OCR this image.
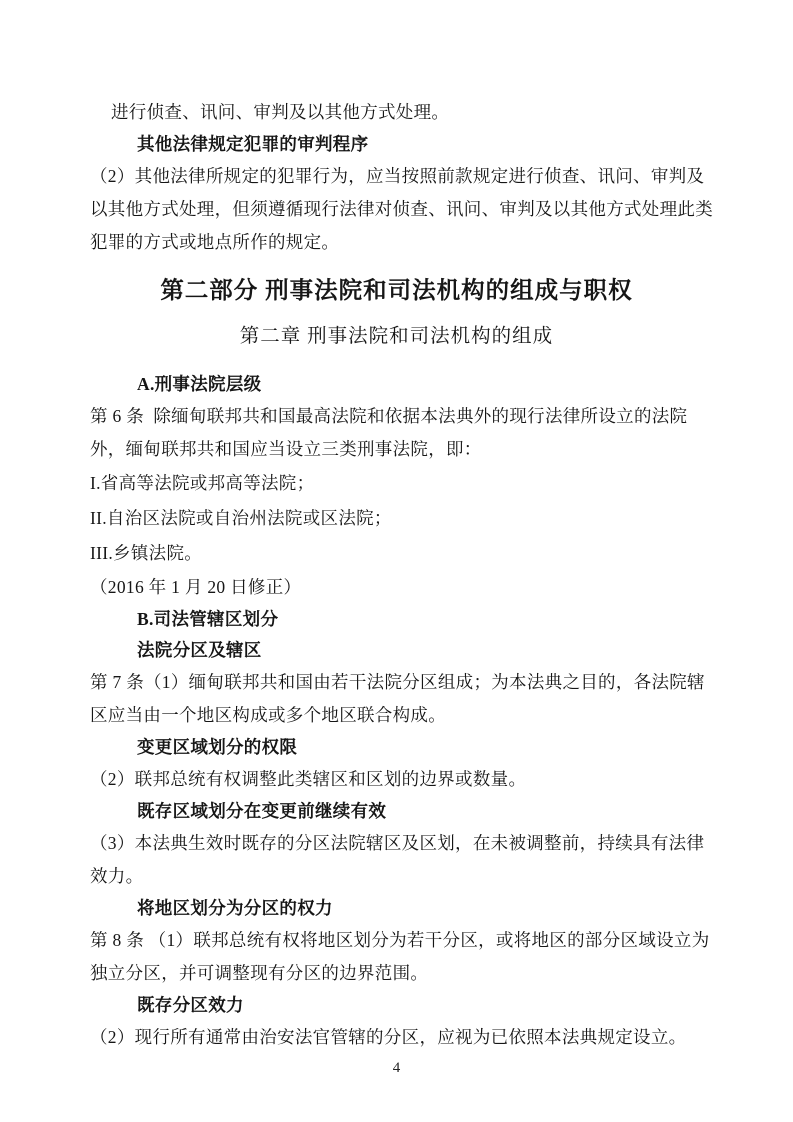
进行侦查、讯问、审判及以其他方式处理。
其他法律规定犯罪的审判程序
（2）其他法律所规定的犯罪行为，应当按照前款规定进行侦查、讯问、审判及
以其他方式处理，但须遵循现行法律对侦查、讯问、审判及以其他方式处理此类
犯罪的方式或地点所作的规定。
第二部分 刑事法院和司法机构的组成与职权
第二章 刑事法院和司法机构的组成
A.刑事法院层级
第 6 条  除缅甸联邦共和国最高法院和依据本法典外的现行法律所设立的法院
外，缅甸联邦共和国应当设立三类刑事法院，即：
I.省高等法院或邦高等法院；
II.自治区法院或自治州法院或区法院；
III.乡镇法院。
（2016 年 1 月 20 日修正）
B.司法管辖区划分
法院分区及辖区
第 7 条（1）缅甸联邦共和国由若干法院分区组成；为本法典之目的，各法院辖
区应当由一个地区构成或多个地区联合构成。
变更区域划分的权限
（2）联邦总统有权调整此类辖区和区划的边界或数量。
既存区域划分在变更前继续有效
（3）本法典生效时既存的分区法院辖区及区划，在未被调整前，持续具有法律
效力。
将地区划分为分区的权力
第 8 条 （1）联邦总统有权将地区划分为若干分区，或将地区的部分区域设立为
独立分区，并可调整现有分区的边界范围。
既存分区效力
（2）现行所有通常由治安法官管辖的分区，应视为已依照本法典规定设立。
4
